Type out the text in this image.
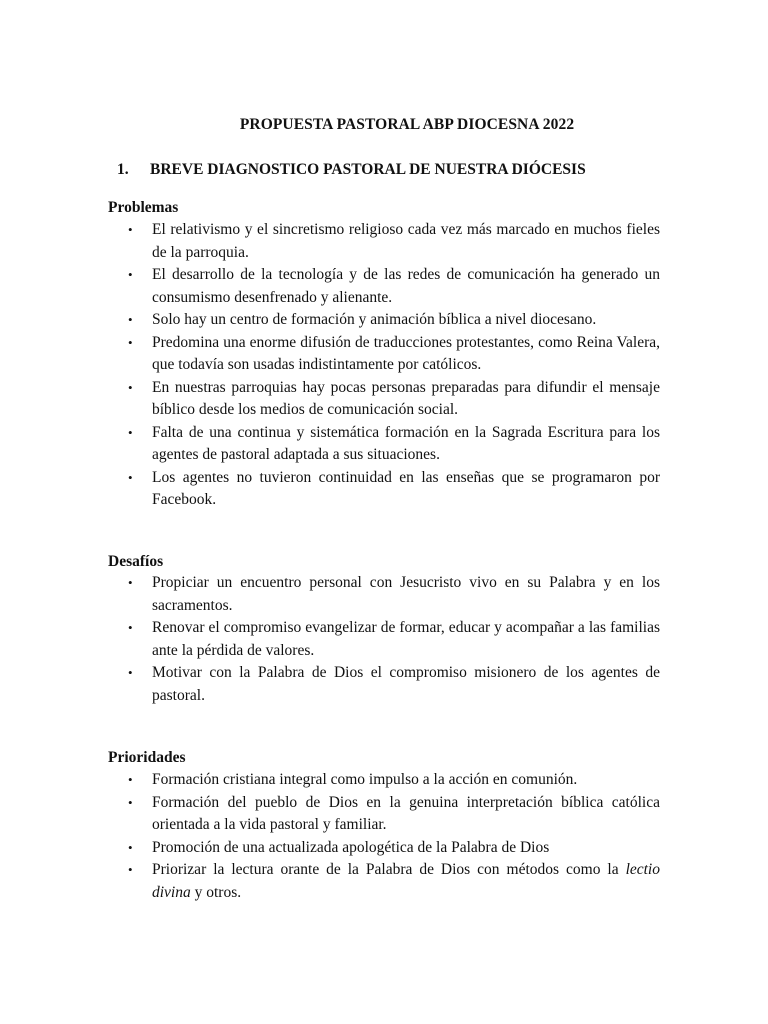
PROPUESTA PASTORAL ABP DIOCESNA 2022
1.	BREVE DIAGNOSTICO PASTORAL DE NUESTRA DIÓCESIS
Problemas
• El relativismo y el sincretismo religioso cada vez más marcado en muchos fieles de la parroquia.
• El desarrollo de la tecnología y de las redes de comunicación ha generado un consumismo desenfrenado y alienante.
• Solo hay un centro de formación y animación bíblica a nivel diocesano.
• Predomina una enorme difusión de traducciones protestantes, como Reina Valera, que todavía son usadas indistintamente por católicos.
• En nuestras parroquias hay pocas personas preparadas para difundir el mensaje bíblico desde los medios de comunicación social.
• Falta de una continua y sistemática formación en la Sagrada Escritura para los agentes de pastoral adaptada a sus situaciones.
• Los agentes no tuvieron continuidad en las enseñas que se programaron por Facebook.
Desafíos
• Propiciar un encuentro personal con Jesucristo vivo en su Palabra y en los sacramentos.
• Renovar el compromiso evangelizar de formar, educar y acompañar a las familias ante la pérdida de valores.
• Motivar con la Palabra de Dios el compromiso misionero de los agentes de pastoral.
Prioridades
• Formación cristiana integral como impulso a la acción en comunión.
• Formación del pueblo de Dios en la genuina interpretación bíblica católica orientada a la vida pastoral y familiar.
• Promoción de una actualizada apologética de la Palabra de Dios
• Priorizar la lectura orante de la Palabra de Dios con métodos como la lectio divina y otros.
